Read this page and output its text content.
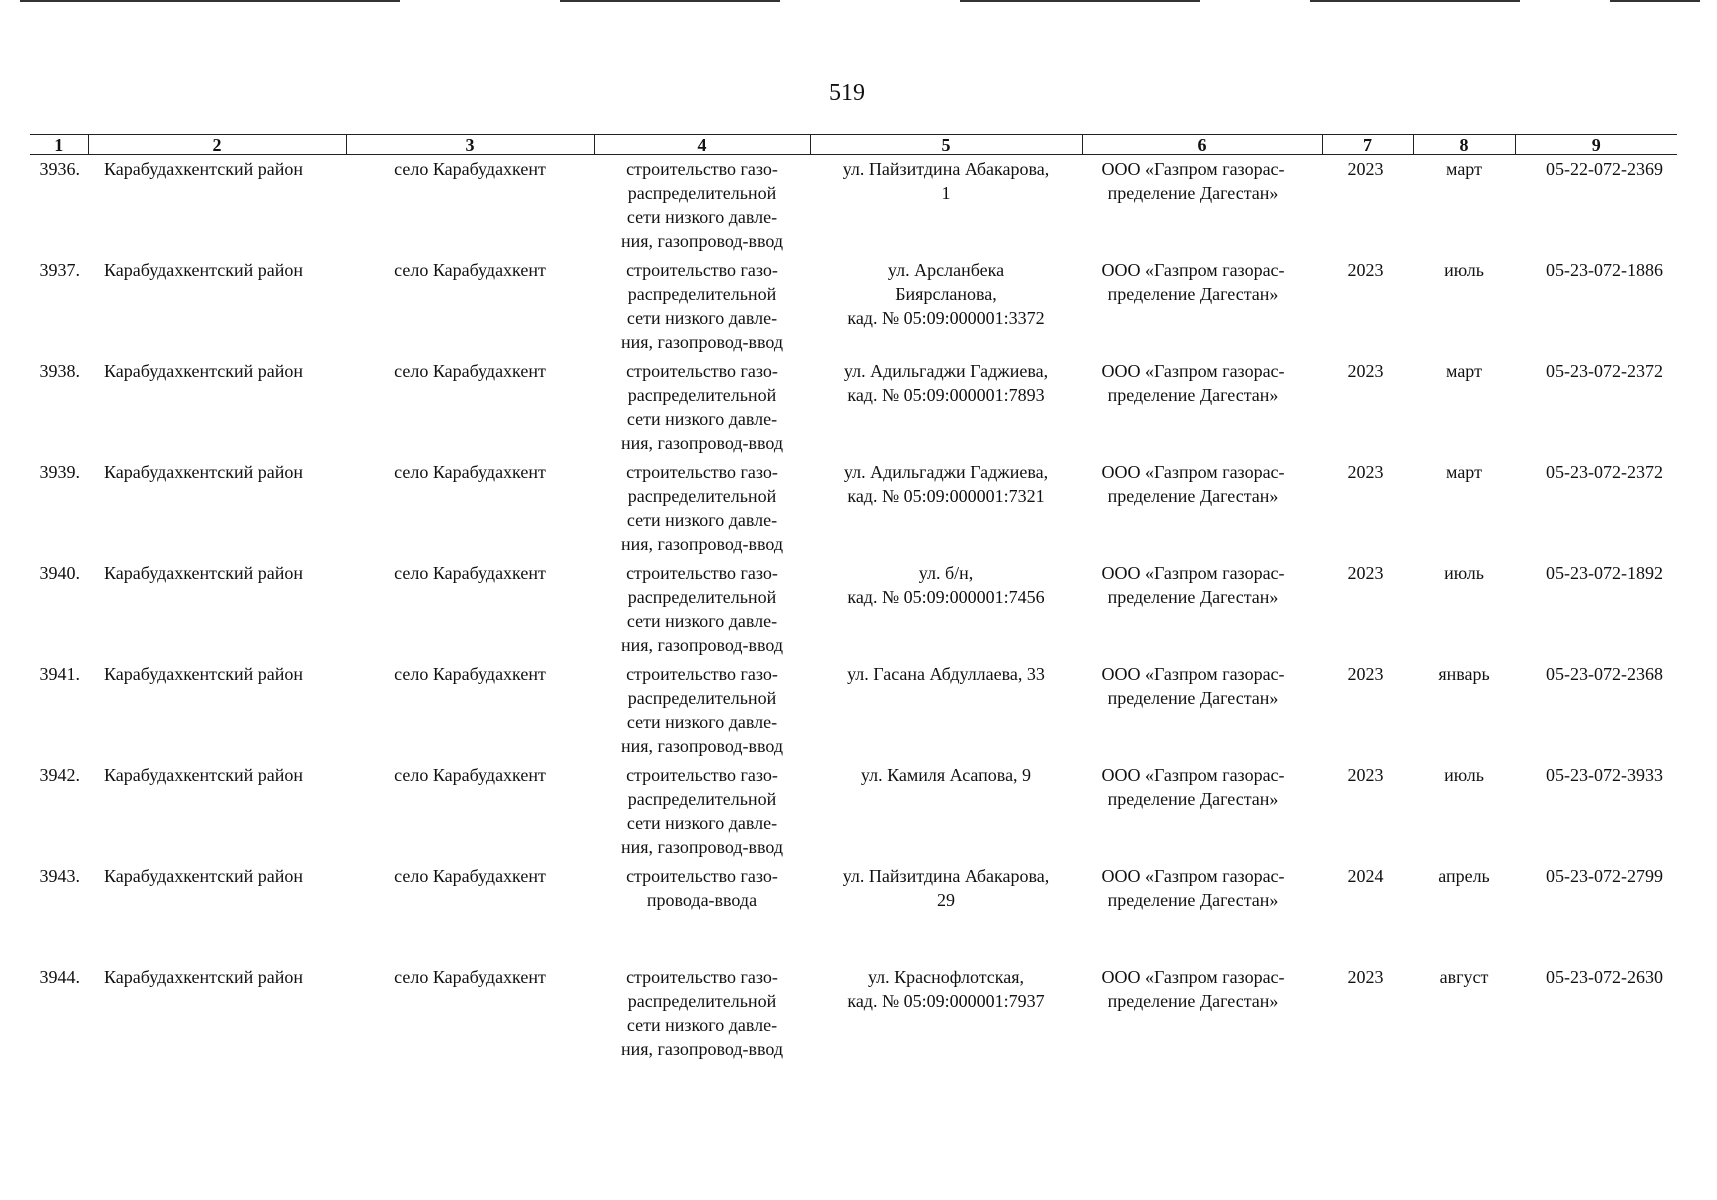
519
1	2	3	4	5	6	7	8	9
3936.	Карабудахкентский район	село Карабудахкент	строительство газо-
распределительной
сети низкого давле-
ния, газопровод-ввод	ул. Пайзитдина Абакарова,
1	ООО «Газпром газорас-
пределение Дагестан»	2023	март	05-22-072-2369
3937.	Карабудахкентский район	село Карабудахкент	строительство газо-
распределительной
сети низкого давле-
ния, газопровод-ввод	ул. Арсланбека
Биярсланова,
кад. № 05:09:000001:3372	ООО «Газпром газорас-
пределение Дагестан»	2023	июль	05-23-072-1886
3938.	Карабудахкентский район	село Карабудахкент	строительство газо-
распределительной
сети низкого давле-
ния, газопровод-ввод	ул. Адильгаджи Гаджиева,
кад. № 05:09:000001:7893	ООО «Газпром газорас-
пределение Дагестан»	2023	март	05-23-072-2372
3939.	Карабудахкентский район	село Карабудахкент	строительство газо-
распределительной
сети низкого давле-
ния, газопровод-ввод	ул. Адильгаджи Гаджиева,
кад. № 05:09:000001:7321	ООО «Газпром газорас-
пределение Дагестан»	2023	март	05-23-072-2372
3940.	Карабудахкентский район	село Карабудахкент	строительство газо-
распределительной
сети низкого давле-
ния, газопровод-ввод	ул. б/н,
кад. № 05:09:000001:7456	ООО «Газпром газорас-
пределение Дагестан»	2023	июль	05-23-072-1892
3941.	Карабудахкентский район	село Карабудахкент	строительство газо-
распределительной
сети низкого давле-
ния, газопровод-ввод	ул. Гасана Абдуллаева, 33	ООО «Газпром газорас-
пределение Дагестан»	2023	январь	05-23-072-2368
3942.	Карабудахкентский район	село Карабудахкент	строительство газо-
распределительной
сети низкого давле-
ния, газопровод-ввод	ул. Камиля Асапова, 9	ООО «Газпром газорас-
пределение Дагестан»	2023	июль	05-23-072-3933
3943.	Карабудахкентский район	село Карабудахкент	строительство газо-
провода-ввода	ул. Пайзитдина Абакарова,
29	ООО «Газпром газорас-
пределение Дагестан»	2024	апрель	05-23-072-2799
3944.	Карабудахкентский район	село Карабудахкент	строительство газо-
распределительной
сети низкого давле-
ния, газопровод-ввод	ул. Краснофлотская,
кад. № 05:09:000001:7937	ООО «Газпром газорас-
пределение Дагестан»	2023	август	05-23-072-2630
